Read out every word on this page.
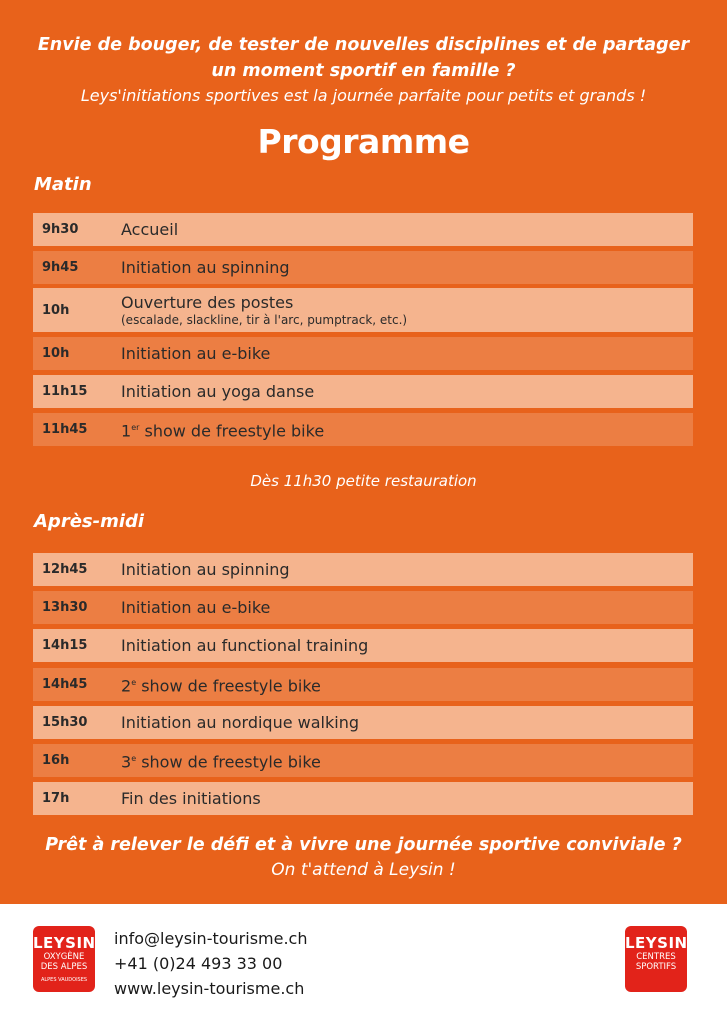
Envie de bouger, de tester de nouvelles disciplines et de partager
un moment sportif en famille ?
Leys'initiations sportives est la journée parfaite pour petits et grands !
Programme
Matin
9h30	Accueil
9h45	Initiation au spinning
10h	Ouverture des postes
(escalade, slackline, tir à l'arc, pumptrack, etc.)
10h	Initiation au e-bike
11h15	Initiation au yoga danse
11h45	1er show de freestyle bike
Dès 11h30 petite restauration
Après-midi
12h45	Initiation au spinning
13h30	Initiation au e-bike
14h15	Initiation au functional training
14h45	2e show de freestyle bike
15h30	Initiation au nordique walking
16h	3e show de freestyle bike
17h	Fin des initiations
Prêt à relever le défi et à vivre une journée sportive conviviale ?
On t'attend à Leysin !
LEYSIN
OXYGÈNE
DES ALPES
ALPES VAUDOISES
info@leysin-tourisme.ch
+41 (0)24 493 33 00
www.leysin-tourisme.ch
LEYSIN
CENTRES
SPORTIFS
